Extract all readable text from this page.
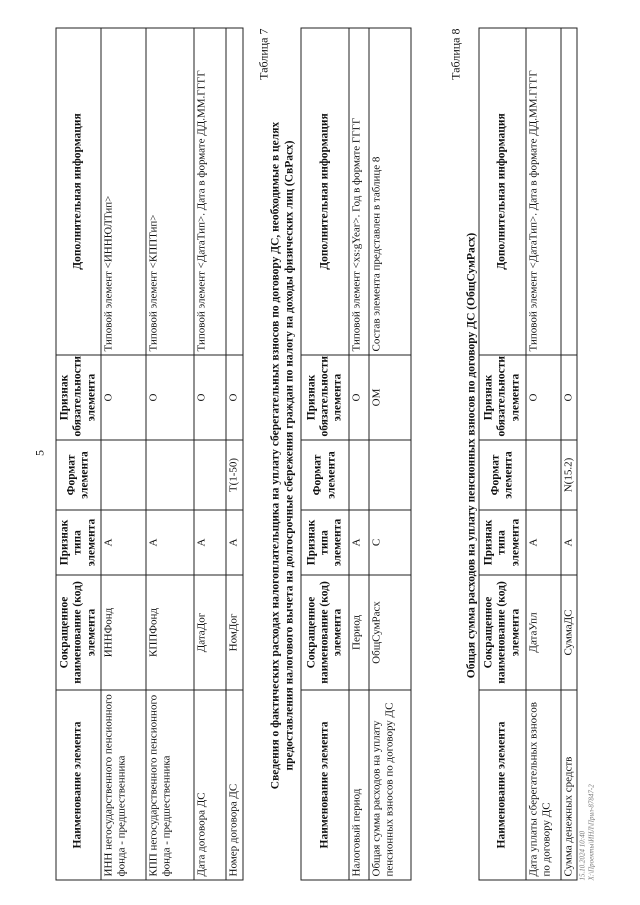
5
Наименование элемента	Сокращенное наименование (код) элемента	Признак типа элемента	Формат элемента	Признак обязательности элемента	Дополнительная информация
ИНН негосударственного пенсионного фонда - предшественника	ИННФонд	А		О	Типовой элемент <ИННЮЛТип>
КПП негосударственного пенсионного фонда - предшественника	КППФонд	А		О	Типовой элемент <КППТип>
Дата договора ДС	ДатаДог	А		О	Типовой элемент <ДатаТип>. Дата в формате ДД.ММ.ГГГГ
Номер договора ДС	НомДог	А	T(1-50)	О	
Таблица 7
Сведения о фактических расходах налогоплательщика на уплату сберегательных взносов по договору ДС, необходимые в целях предоставления налогового вычета на долгосрочные сбережения граждан по налогу на доходы физических лиц (СвРасх)
Наименование элемента	Сокращенное наименование (код) элемента	Признак типа элемента	Формат элемента	Признак обязательности элемента	Дополнительная информация
Налоговый период	Период	А		О	Типовой элемент <xs:gYear>. Год в формате ГГГГ
Общая сумма расходов на уплату пенсионных взносов по договору ДС	ОбщСумРасх	С		ОМ	Состав элемента представлен в таблице 8
Таблица 8
Общая сумма расходов на уплату пенсионных взносов по договору ДС (ОбщСумРасх)
Наименование элемента	Сокращенное наименование (код) элемента	Признак типа элемента	Формат элемента	Признак обязательности элемента	Дополнительная информация
Дата уплаты сберегательных взносов по договору ДС	ДатаУпл	А		О	Типовой элемент <ДатаТип>. Дата в формате ДД.ММ.ГГГГ
Сумма денежных средств	СуммаДС	А	N(15.2)	О	
15.10.2024 10:40 X:\Проекты\ИНЛ\Прил-87847-2
